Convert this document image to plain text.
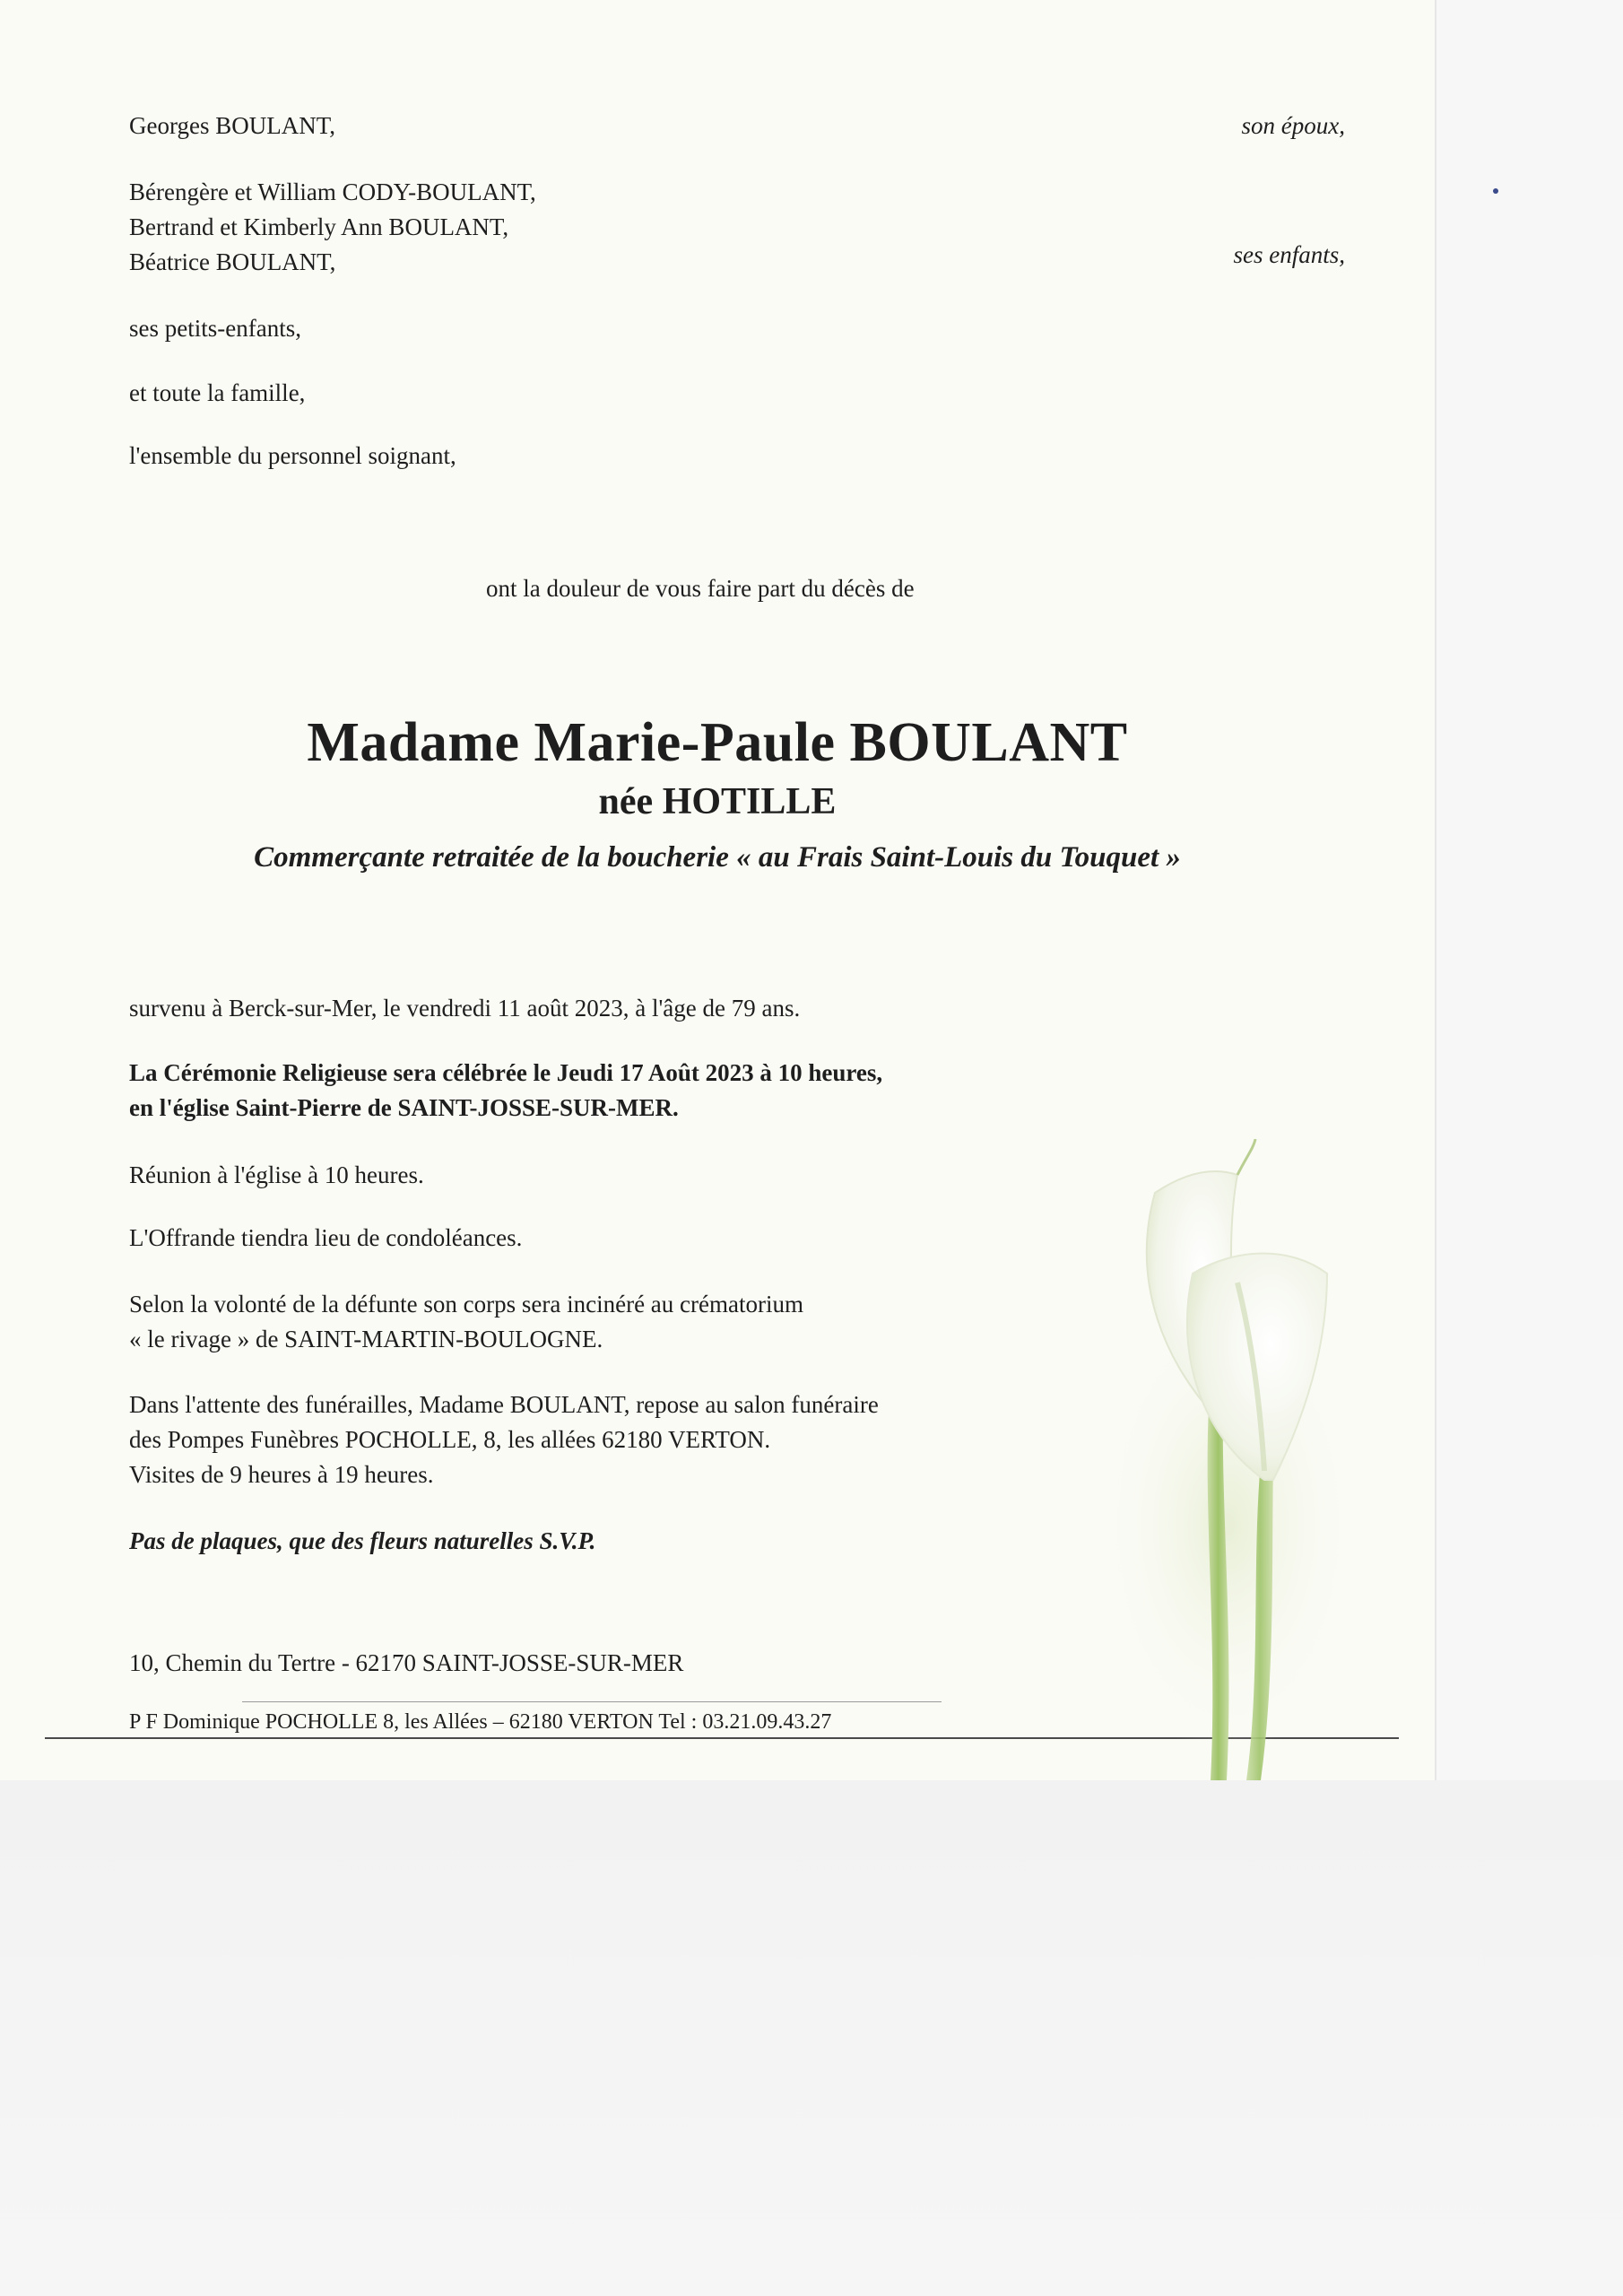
Georges BOULANT,	son époux,

Bérengère et William CODY-BOULANT,

Bertrand et Kimberly Ann BOULANT,

Béatrice BOULANT,	ses enfants,

ses petits-enfants,

et toute la famille,

l'ensemble du personnel soignant,

ont la douleur de vous faire part du décès de

Madame Marie-Paule BOULANT

née HOTILLE

Commerçante retraitée de la boucherie « au Frais Saint-Louis du Touquet »

survenu à Berck-sur-Mer, le vendredi 11 août 2023, à l'âge de 79 ans.

La Cérémonie Religieuse sera célébrée le Jeudi 17 Août 2023 à 10 heures,

en l'église Saint-Pierre de SAINT-JOSSE-SUR-MER.

Réunion à l'église à 10 heures.

L'Offrande tiendra lieu de condoléances.

Selon la volonté de la défunte son corps sera incinéré au crématorium

« le rivage » de SAINT-MARTIN-BOULOGNE.

Dans l'attente des funérailles, Madame BOULANT, repose au salon funéraire

des Pompes Funèbres POCHOLLE, 8, les allées 62180 VERTON.

Visites de 9 heures à 19 heures.

Pas de plaques, que des fleurs naturelles S.V.P.

10, Chemin du Tertre - 62170 SAINT-JOSSE-SUR-MER

P F Dominique POCHOLLE 8, les Allées – 62180 VERTON Tel : 03.21.09.43.27
